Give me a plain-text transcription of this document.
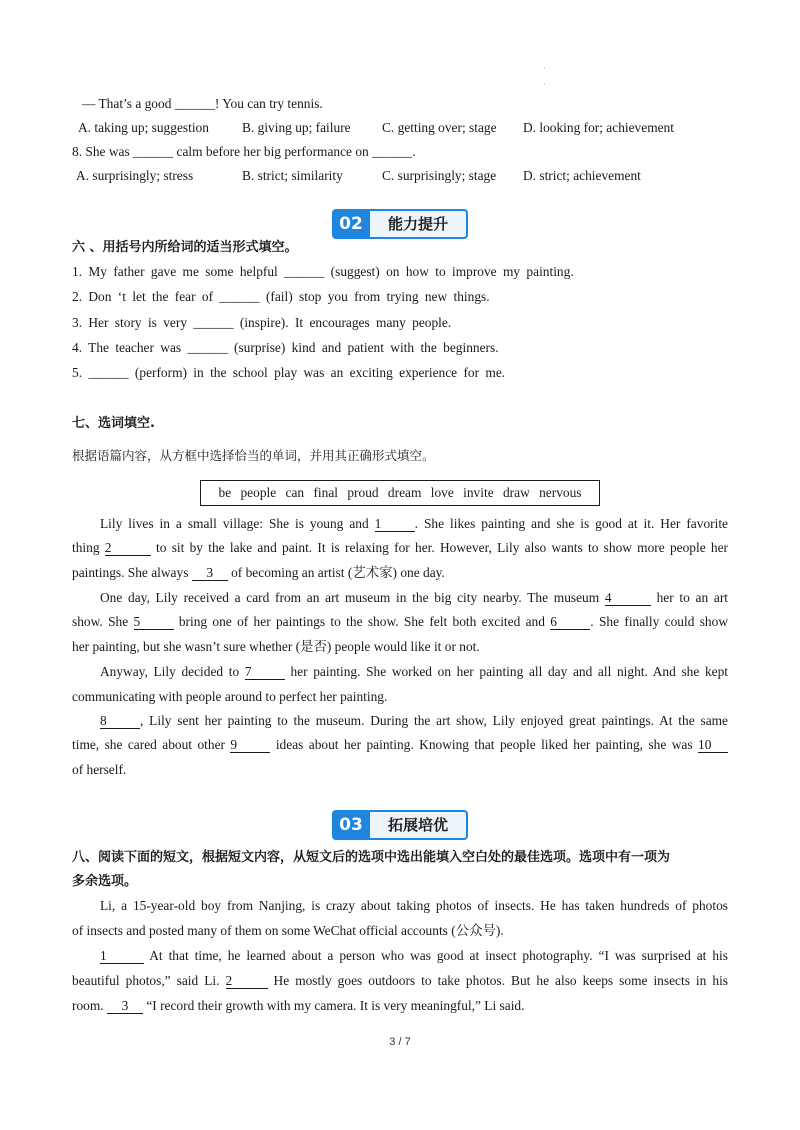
·
·
— That’s a good ______! You can try tennis.
A. taking up; suggestion B. giving up; failure C. getting over; stage D. looking for; achievement
8. She was ______ calm before her big performance on ______.
A. surprisingly; stress	B. strict; similarity	C. surprisingly; stage D. strict; achievement
02	能力提升
六 、用括号内所给词的适当形式填空。
1. My father gave me some helpful ______ (suggest) on how to improve my painting.
2. Don ‘t let the fear of ______ (fail) stop you from trying new things.
3. Her story is very ______ (inspire). It encourages many people.
4. The teacher was ______ (surprise) kind and patient with the beginners.
5. ______ (perform) in the school play was an exciting experience for me.
七、选词填空.
根据语篇内容，从方框中选择恰当的单词，并用其正确形式填空。
be people can final proud dream love invite draw nervous
Lily lives in a small village: She is young and 1 . She likes painting and she is good at it. Her favorite
thing 2	to sit by the lake and paint. It is relaxing for her. However, Lily also wants to show more people her
paintings. She always 3 of becoming an artist (艺术家) one day.
One day, Lily received a card from an art museum in the big city nearby. The museum 4	her to an art
show. She 5 bring one of her paintings to the show. She felt both excited and 6 . She finally could show
her painting, but she wasn’t sure whether (是否) people would like it or not.
Anyway, Lily decided to 7 her painting. She worked on her painting all day and all night. And she kept
communicating with people around to perfect her painting.
8 , Lily sent her painting to the museum. During the art show, Lily enjoyed great paintings. At the same
time, she cared about other 9 ideas about her painting. Knowing that people liked her painting, she was 10
of herself.
03	拓展培优
八、阅读下面的短文，根据短文内容，从短文后的选项中选出能填入空白处的最佳选项。选项中有一项为
多余选项。
Li, a 15-year-old boy from Nanjing, is crazy about taking photos of insects. He has taken hundreds of photos
of insects and posted many of them on some WeChat official accounts (公众号).
1	At that time, he learned about a person who was good at insect photography. “I was surprised at his
beautiful photos,” said Li. 2	He mostly goes outdoors to take photos. But he also keeps some insects in his
room. 3 “I record their growth with my camera. It is very meaningful,” Li said.
3 / 7
